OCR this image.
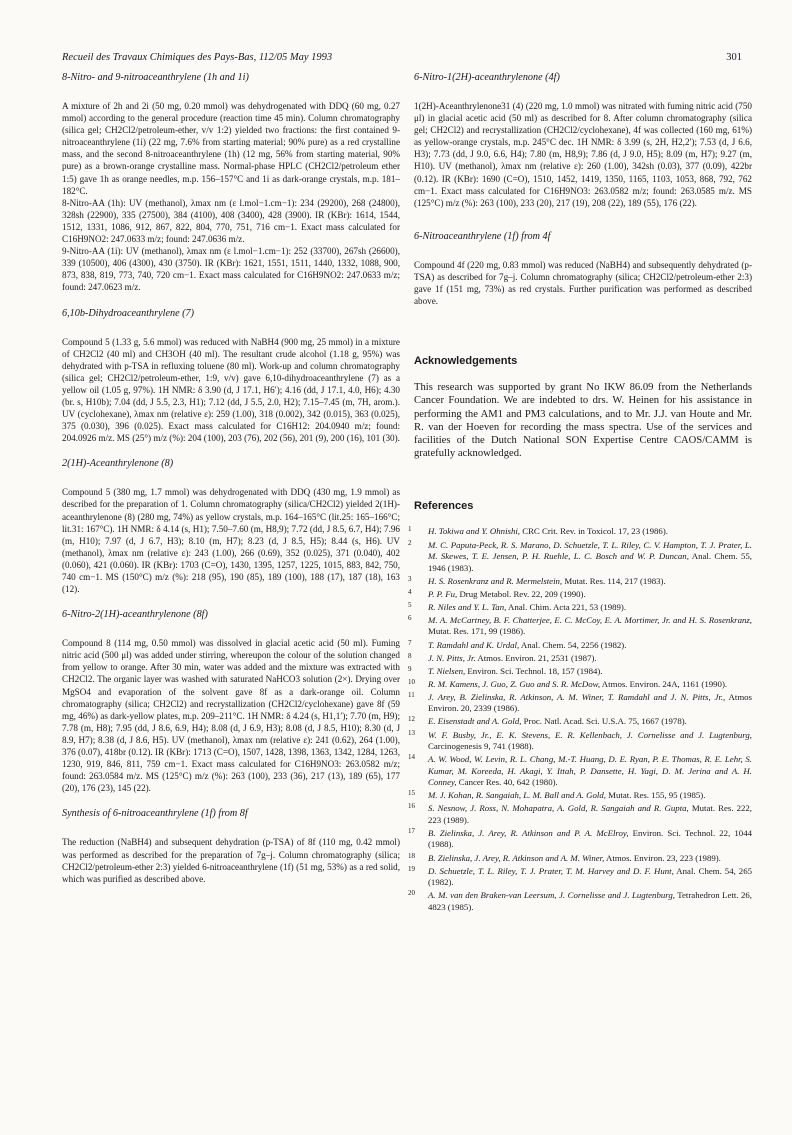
Recueil des Travaux Chimiques des Pays-Bas, 112/05 May 1993	301
8-Nitro- and 9-nitroaceanthrylene (1h and 1i)

A mixture of 2h and 2i (50 mg, 0.20 mmol) was dehydrogenated with DDQ (60 mg, 0.27 mmol) according to the general procedure (reaction time 45 min). Column chromatography (silica gel; CH2Cl2/petroleum-ether, v/v 1:2) yielded two fractions: the first contained 9-nitroaceanthrylene (1i) (22 mg, 7.6% from starting material; 90% pure) as a red crystalline mass, and the second 8-nitroaceanthrylene (1h) (12 mg, 56% from starting material, 90% pure) as a brown-orange crystalline mass. Normal-phase HPLC (CH2Cl2/petroleum ether 1:5) gave 1h as orange needles, m.p. 156–157°C and 1i as dark-orange crystals, m.p. 181–182°C.

8-Nitro-AA (1h): UV (methanol), λmax nm (ε l.mol−1.cm−1): 234 (29200), 268 (24800), 328sh (22900), 335 (27500), 384 (4100), 408 (3400), 428 (3900). IR (KBr): 1614, 1544, 1512, 1331, 1086, 912, 867, 822, 804, 770, 751, 716 cm−1. Exact mass calculated for C16H9NO2: 247.0633 m/z; found: 247.0636 m/z.

9-Nitro-AA (1i): UV (methanol), λmax nm (ε l.mol−1.cm−1): 252 (33700), 267sh (26600), 339 (10500), 406 (4300), 430 (3750). IR (KBr): 1621, 1551, 1511, 1440, 1332, 1088, 900, 873, 838, 819, 773, 740, 720 cm−1. Exact mass calculated for C16H9NO2: 247.0633 m/z; found: 247.0623 m/z.

6,10b-Dihydroaceanthrylene (7)

Compound 5 (1.33 g, 5.6 mmol) was reduced with NaBH4 (900 mg, 25 mmol) in a mixture of CH2Cl2 (40 ml) and CH3OH (40 ml). The resultant crude alcohol (1.18 g, 95%) was dehydrated with p-TSA in refluxing toluene (80 ml). Work-up and column chromatography (silica gel; CH2Cl2/petroleum-ether, 1:9, v/v) gave 6,10-dihydroaceanthrylene (7) as a yellow oil (1.05 g, 97%). 1H NMR: δ 3.90 (d, J 17.1, H6′); 4.16 (dd, J 17.1, 4.0, H6); 4.30 (br. s, H10b); 7.04 (dd, J 5.5, 2.3, H1); 7.12 (dd, J 5.5, 2.0, H2); 7.15–7.45 (m, 7H, arom.). UV (cyclohexane), λmax nm (relative ε): 259 (1.00), 318 (0.002), 342 (0.015), 363 (0.025), 375 (0.030), 396 (0.025). Exact mass calculated for C16H12: 204.0940 m/z; found: 204.0926 m/z. MS (25°) m/z (%): 204 (100), 203 (76), 202 (56), 201 (9), 200 (16), 101 (30).

2(1H)-Aceanthrylenone (8)

Compound 5 (380 mg, 1.7 mmol) was dehydrogenated with DDQ (430 mg, 1.9 mmol) as described for the preparation of 1. Column chromatography (silica/CH2Cl2) yielded 2(1H)-aceanthrylenone (8) (280 mg, 74%) as yellow crystals, m.p. 164–165°C (lit.25: 165–166°C; lit.31: 167°C). 1H NMR: δ 4.14 (s, H1); 7.50–7.60 (m, H8,9); 7.72 (dd, J 8.5, 6.7, H4); 7.96 (m, H10); 7.97 (d, J 6.7, H3); 8.10 (m, H7); 8.23 (d, J 8.5, H5); 8.44 (s, H6). UV (methanol), λmax nm (relative ε): 243 (1.00), 266 (0.69), 352 (0.025), 371 (0.040), 402 (0.060), 421 (0.060). IR (KBr): 1703 (C=O), 1430, 1395, 1257, 1225, 1015, 883, 842, 750, 740 cm−1. MS (150°C) m/z (%): 218 (95), 190 (85), 189 (100), 188 (17), 187 (18), 163 (12).

6-Nitro-2(1H)-aceanthrylenone (8f)

Compound 8 (114 mg, 0.50 mmol) was dissolved in glacial acetic acid (50 ml). Fuming nitric acid (500 μl) was added under stirring, whereupon the colour of the solution changed from yellow to orange. After 30 min, water was added and the mixture was extracted with CH2Cl2. The organic layer was washed with saturated NaHCO3 solution (2×). Drying over MgSO4 and evaporation of the solvent gave 8f as a dark-orange oil. Column chromatography (silica; CH2Cl2) and recrystallization (CH2Cl2/cyclohexane) gave 8f (59 mg, 46%) as dark-yellow plates, m.p. 209–211°C. 1H NMR: δ 4.24 (s, H1,1′); 7.70 (m, H9); 7.78 (m, H8); 7.95 (dd, J 8.6, 6.9, H4); 8.08 (d, J 6.9, H3); 8.08 (d, J 8.5, H10); 8.30 (d, J 8.9, H7); 8.38 (d, J 8.6, H5). UV (methanol), λmax nm (relative ε): 241 (0.62), 264 (1.00), 376 (0.07), 418br (0.12). IR (KBr): 1713 (C=O), 1507, 1428, 1398, 1363, 1342, 1284, 1263, 1230, 919, 846, 811, 759 cm−1. Exact mass calculated for C16H9NO3: 263.0582 m/z; found: 263.0584 m/z. MS (125°C) m/z (%): 263 (100), 233 (36), 217 (13), 189 (65), 177 (20), 176 (23), 145 (22).

Synthesis of 6-nitroaceanthrylene (1f) from 8f

The reduction (NaBH4) and subsequent dehydration (p-TSA) of 8f (110 mg, 0.42 mmol) was performed as described for the preparation of 7g–j. Column chromatography (silica; CH2Cl2/petroleum-ether 2:3) yielded 6-nitroaceanthrylene (1f) (51 mg, 53%) as a red solid, which was purified as described above.

6-Nitro-1(2H)-aceanthrylenone (4f)

1(2H)-Aceanthrylenone31 (4) (220 mg, 1.0 mmol) was nitrated with fuming nitric acid (750 μl) in glacial acetic acid (50 ml) as described for 8. After column chromatography (silica gel; CH2Cl2) and recrystallization (CH2Cl2/cyclohexane), 4f was collected (160 mg, 61%) as yellow-orange crystals, m.p. 245°C dec. 1H NMR: δ 3.99 (s, 2H, H2,2′); 7.53 (d, J 6.6, H3); 7.73 (dd, J 9.0, 6.6, H4); 7.80 (m, H8,9); 7.86 (d, J 9.0, H5); 8.09 (m, H7); 9.27 (m, H10). UV (methanol), λmax nm (relative ε): 260 (1.00), 342sh (0.03), 377 (0.09), 422br (0.12). IR (KBr): 1690 (C=O), 1510, 1452, 1419, 1350, 1165, 1103, 1053, 868, 792, 762 cm−1. Exact mass calculated for C16H9NO3: 263.0582 m/z; found: 263.0585 m/z. MS (125°C) m/z (%): 263 (100), 233 (20), 217 (19), 208 (22), 189 (55), 176 (22).

6-Nitroaceanthrylene (1f) from 4f

Compound 4f (220 mg, 0.83 mmol) was reduced (NaBH4) and subsequently dehydrated (p-TSA) as described for 7g–j. Column chromatography (silica; CH2Cl2/petroleum-ether 2:3) gave 1f (151 mg, 73%) as red crystals. Further purification was performed as described above.

Acknowledgements

This research was supported by grant No IKW 86.09 from the Netherlands Cancer Foundation. We are indebted to drs. W. Heinen for his assistance in performing the AM1 and PM3 calculations, and to Mr. J.J. van Houte and Mr. R. van der Hoeven for recording the mass spectra. Use of the services and facilities of the Dutch National SON Expertise Centre CAOS/CAMM is gratefully acknowledged.

References
1 H. Tokiwa and Y. Ohnishi, CRC Crit. Rev. in Toxicol. 17, 23 (1986).
2 M. C. Paputa-Peck, R. S. Marano, D. Schuetzle, T. L. Riley, C. V. Hampton, T. J. Prater, L. M. Skewes, T. E. Jensen, P. H. Ruehle, L. C. Bosch and W. P. Duncan, Anal. Chem. 55, 1946 (1983).
3 H. S. Rosenkranz and R. Mermelstein, Mutat. Res. 114, 217 (1983).
4 P. P. Fu, Drug Metabol. Rev. 22, 209 (1990).
5 R. Niles and Y. L. Tan, Anal. Chim. Acta 221, 53 (1989).
6 M. A. McCartney, B. F. Chatterjee, E. C. McCoy, E. A. Mortimer, Jr. and H. S. Rosenkranz, Mutat. Res. 171, 99 (1986).
7 T. Ramdahl and K. Urdal, Anal. Chem. 54, 2256 (1982).
8 J. N. Pitts, Jr. Atmos. Environ. 21, 2531 (1987).
9 T. Nielsen, Environ. Sci. Technol. 18, 157 (1984).
10 R. M. Kamens, J. Guo, Z. Guo and S. R. McDow, Atmos. Environ. 24A, 1161 (1990).
11 J. Arey, B. Zielinska, R. Atkinson, A. M. Winer, T. Ramdahl and J. N. Pitts, Jr., Atmos Environ. 20, 2339 (1986).
12 E. Eisenstadt and A. Gold, Proc. Natl. Acad. Sci. U.S.A. 75, 1667 (1978).
13 W. F. Busby, Jr., E. K. Stevens, E. R. Kellenbach, J. Cornelisse and J. Lugtenburg, Carcinogenesis 9, 741 (1988).
14 A. W. Wood, W. Levin, R. L. Chang, M.-T. Huang, D. E. Ryan, P. E. Thomas, R. E. Lehr, S. Kumar, M. Koreeda, H. Akagi, Y. Ittah, P. Dansette, H. Yagi, D. M. Jerina and A. H. Conney, Cancer Res. 40, 642 (1980).
15 M. J. Kohan, R. Sangaiah, L. M. Ball and A. Gold, Mutat. Res. 155, 95 (1985).
16 S. Nesnow, J. Ross, N. Mohapatra, A. Gold, R. Sangaiah and R. Gupta, Mutat. Res. 222, 223 (1989).
17 B. Zielinska, J. Arey, R. Atkinson and P. A. McElroy, Environ. Sci. Technol. 22, 1044 (1988).
18 B. Zielinska, J. Arey, R. Atkinson and A. M. Winer, Atmos. Environ. 23, 223 (1989).
19 D. Schuetzle, T. L. Riley, T. J. Prater, T. M. Harvey and D. F. Hunt, Anal. Chem. 54, 265 (1982).
20 A. M. van den Braken-van Leersum, J. Cornelisse and J. Lugtenburg, Tetrahedron Lett. 26, 4823 (1985).
